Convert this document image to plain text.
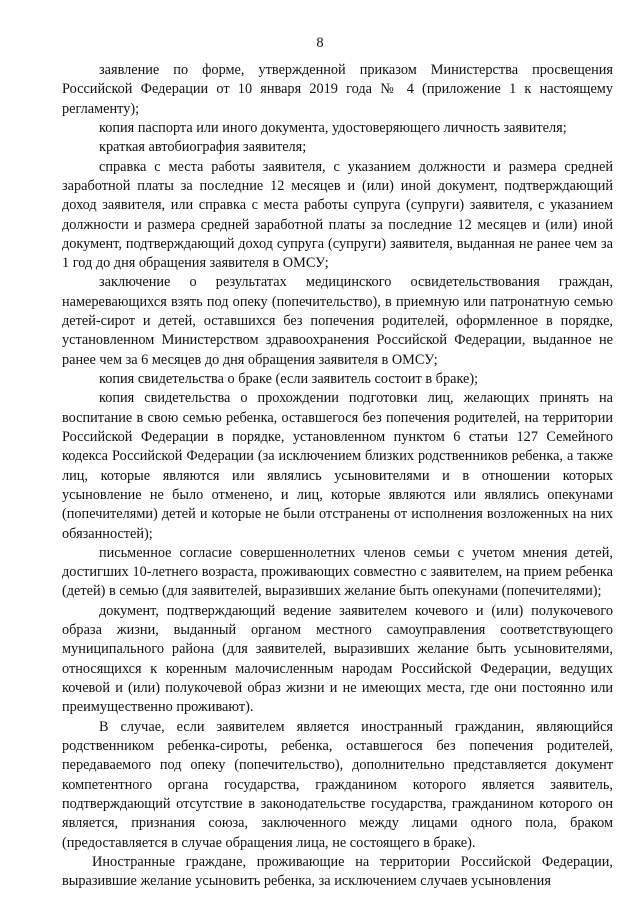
8

заявление по форме, утвержденной приказом Министерства просвещения Российской Федерации от 10 января 2019 года № 4 (приложение 1 к настоящему регламенту);

копия паспорта или иного документа, удостоверяющего личность заявителя;

краткая автобиография заявителя;

справка с места работы заявителя, с указанием должности и размера средней заработной платы за последние 12 месяцев и (или) иной документ, подтверждающий доход заявителя, или справка с места работы супруга (супруги) заявителя, с указанием должности и размера средней заработной платы за последние 12 месяцев и (или) иной документ, подтверждающий доход супруга (супруги) заявителя, выданная не ранее чем за 1 год до дня обращения заявителя в ОМСУ;

заключение о результатах медицинского освидетельствования граждан, намеревающихся взять под опеку (попечительство), в приемную или патронатную семью детей-сирот и детей, оставшихся без попечения родителей, оформленное в порядке, установленном Министерством здравоохранения Российской Федерации, выданное не ранее чем за 6 месяцев до дня обращения заявителя в ОМСУ;

копия свидетельства о браке (если заявитель состоит в браке);

копия свидетельства о прохождении подготовки лиц, желающих принять на воспитание в свою семью ребенка, оставшегося без попечения родителей, на территории Российской Федерации в порядке, установленном пунктом 6 статьи 127 Семейного кодекса Российской Федерации (за исключением близких родственников ребенка, а также лиц, которые являются или являлись усыновителями и в отношении которых усыновление не было отменено, и лиц, которые являются или являлись опекунами (попечителями) детей и которые не были отстранены от исполнения возложенных на них обязанностей);

письменное согласие совершеннолетних членов семьи с учетом мнения детей, достигших 10-летнего возраста, проживающих совместно с заявителем, на прием ребенка (детей) в семью (для заявителей, выразивших желание быть опекунами (попечителями);

документ, подтверждающий ведение заявителем кочевого и (или) полукочевого образа жизни, выданный органом местного самоуправления соответствующего муниципального района (для заявителей, выразивших желание быть усыновителями, относящихся к коренным малочисленным народам Российской Федерации, ведущих кочевой и (или) полукочевой образ жизни и не имеющих места, где они постоянно или преимущественно проживают).

В случае, если заявителем является иностранный гражданин, являющийся родственником ребенка-сироты, ребенка, оставшегося без попечения родителей, передаваемого под опеку (попечительство), дополнительно представляется документ компетентного органа государства, гражданином которого является заявитель, подтверждающий отсутствие в законодательстве государства, гражданином которого он является, признания союза, заключенного между лицами одного пола, браком (предоставляется в случае обращения лица, не состоящего в браке).

Иностранные граждане, проживающие на территории Российской Федерации, выразившие желание усыновить ребенка, за исключением случаев усыновления
